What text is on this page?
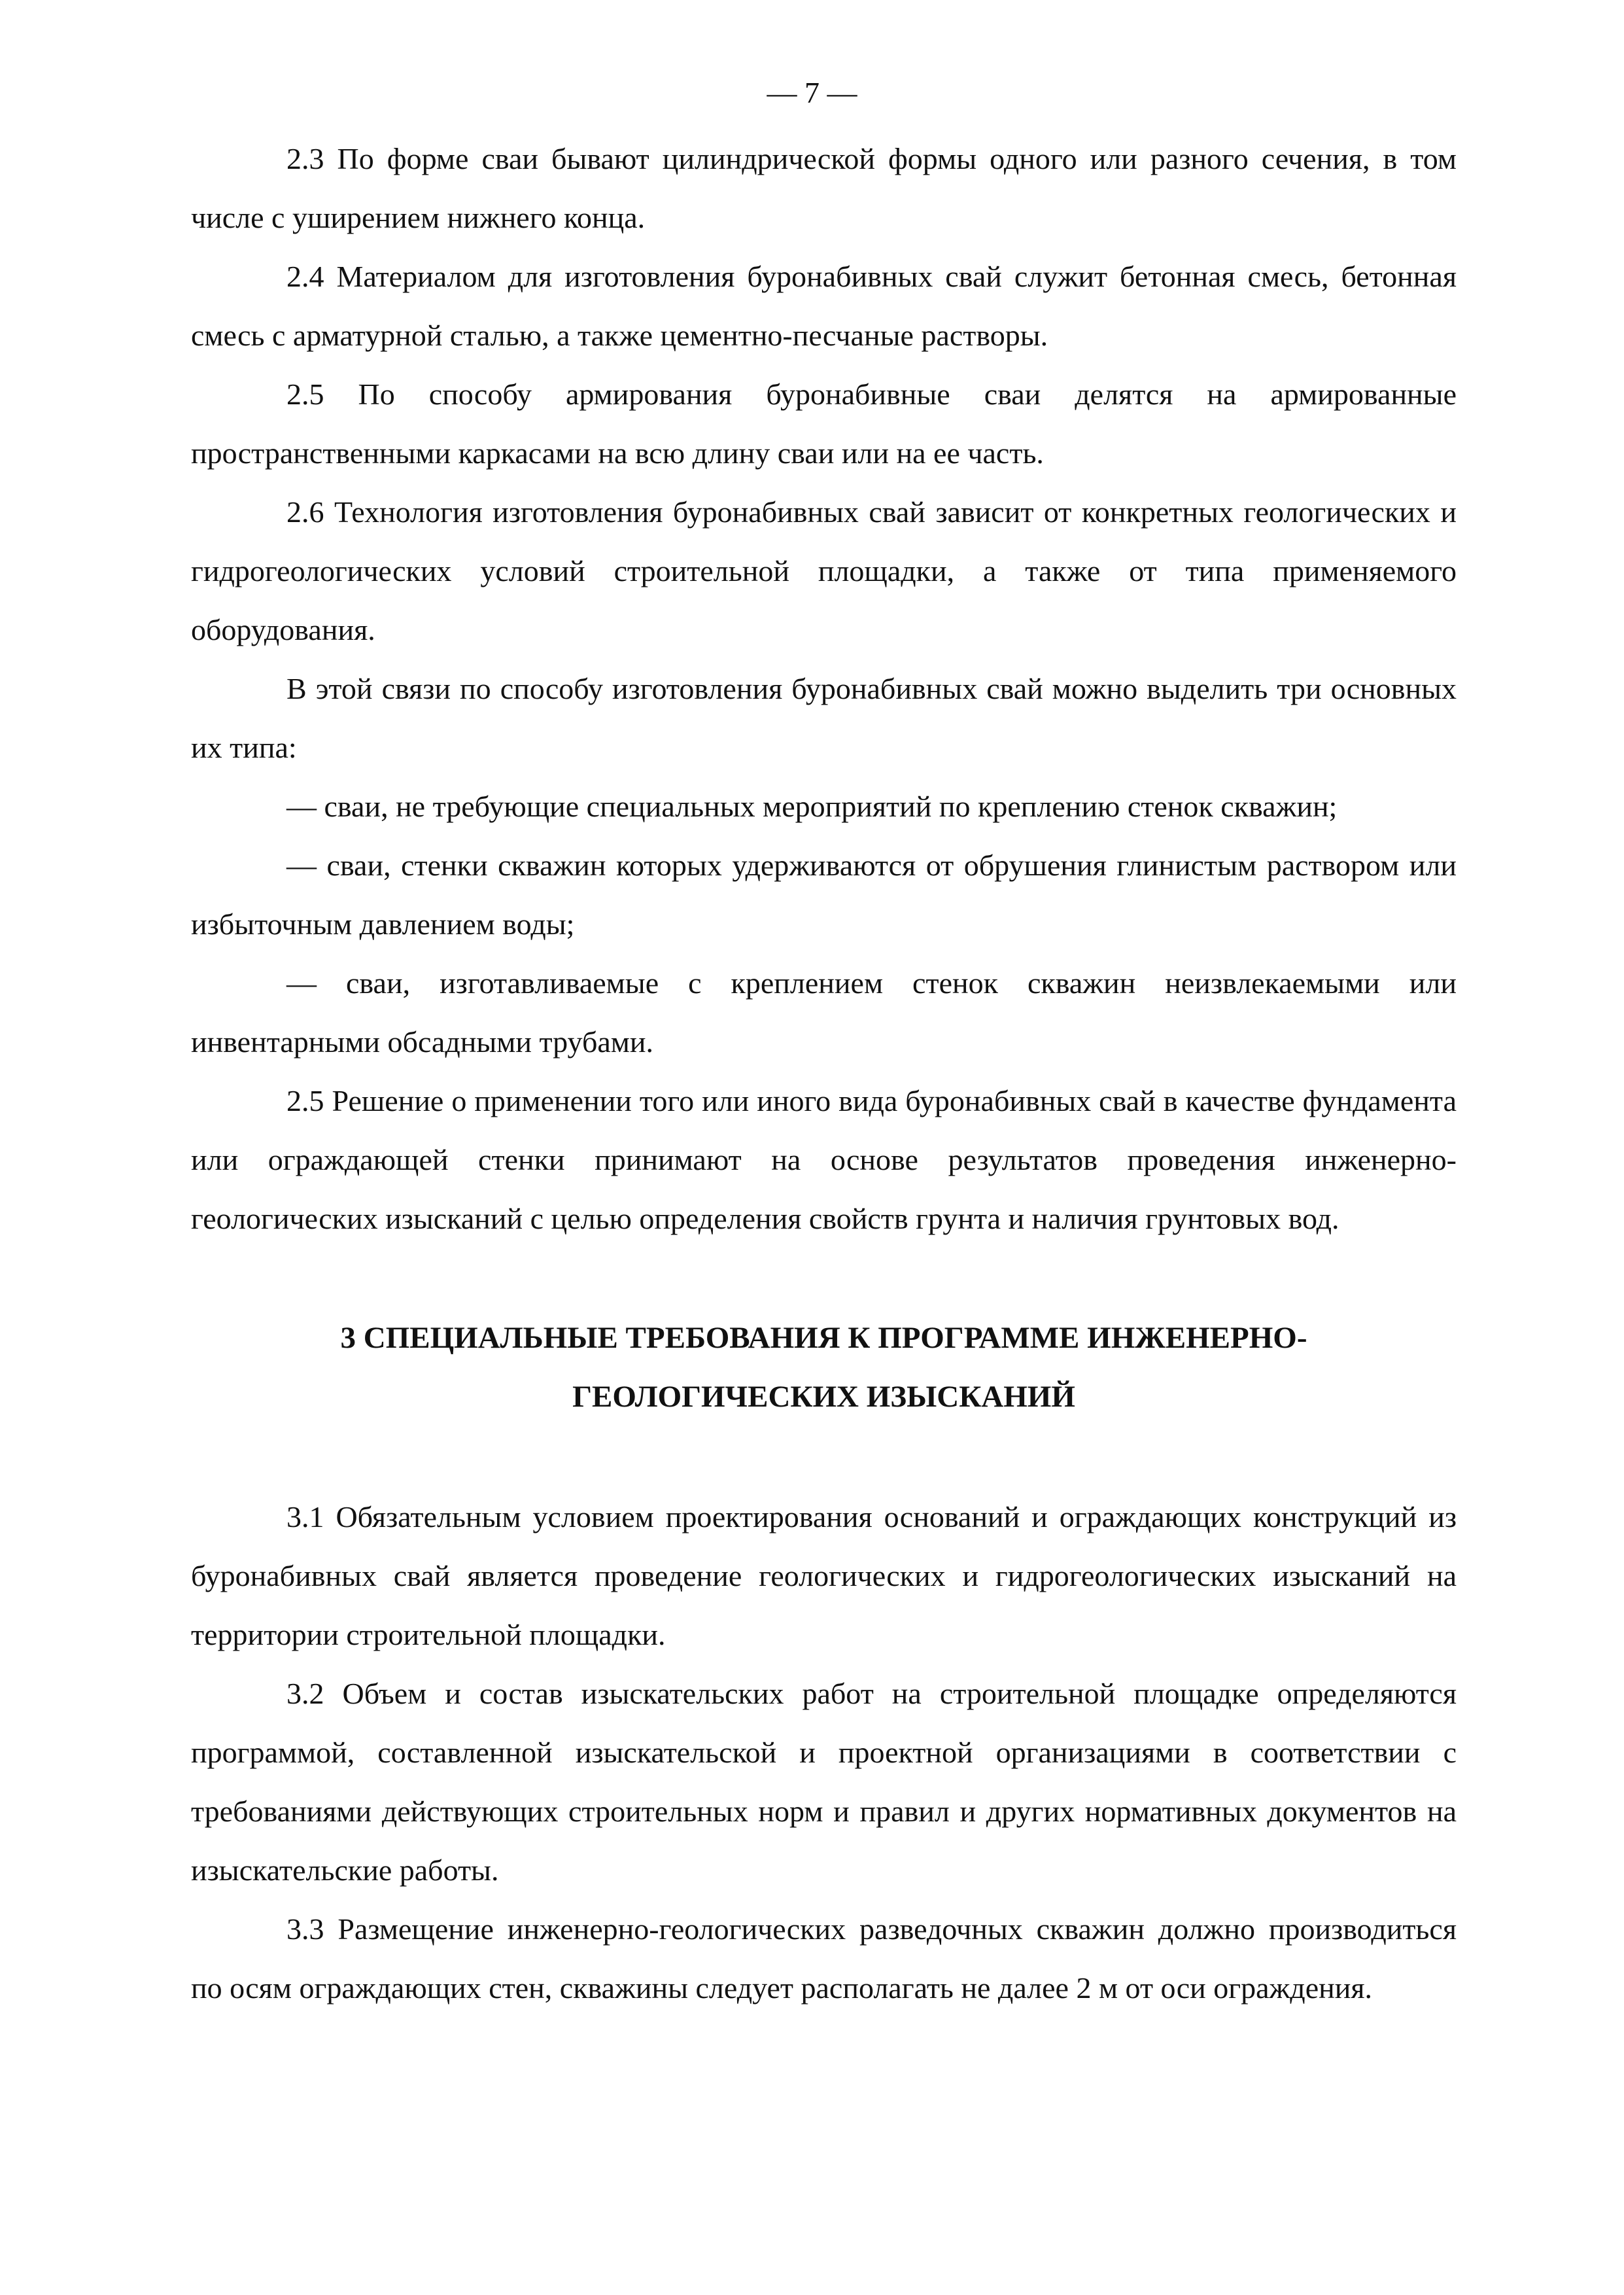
— 7 —

2.3 По форме сваи бывают цилиндрической формы одного или разного сечения, в том числе с уширением нижнего конца.

2.4 Материалом для изготовления буронабивных свай служит бетонная смесь, бетонная смесь с арматурной сталью, а также цементно-песчаные растворы.

2.5 По способу армирования буронабивные сваи делятся на армированные пространственными каркасами на всю длину сваи или на ее часть.

2.6 Технология изготовления буронабивных свай зависит от конкретных геологических и гидрогеологических условий строительной площадки, а также от типа применяемого оборудования.

В этой связи по способу изготовления буронабивных свай можно выделить три основных их типа:

— сваи, не требующие специальных мероприятий по креплению стенок скважин;

— сваи, стенки скважин которых удерживаются от обрушения глинистым раствором или избыточным давлением воды;

— сваи, изготавливаемые с креплением стенок скважин неизвлекаемыми или инвентарными обсадными трубами.

2.5 Решение о применении того или иного вида буронабивных свай в качестве фундамента или ограждающей стенки принимают на основе результатов проведения инженерно-геологических изысканий с целью определения свойств грунта и наличия грунтовых вод.

3 СПЕЦИАЛЬНЫЕ ТРЕБОВАНИЯ К ПРОГРАММЕ ИНЖЕНЕРНО-
ГЕОЛОГИЧЕСКИХ ИЗЫСКАНИЙ

3.1 Обязательным условием проектирования оснований и ограждающих конструкций из буронабивных свай является проведение геологических и гидрогеологических изысканий на территории строительной площадки.

3.2 Объем и состав изыскательских работ на строительной площадке определяются программой, составленной изыскательской и проектной организациями в соответствии с требованиями действующих строительных норм и правил и других нормативных документов на изыскательские работы.

3.3 Размещение инженерно-геологических разведочных скважин должно производиться по осям ограждающих стен, скважины следует располагать не далее 2 м от оси ограждения.
